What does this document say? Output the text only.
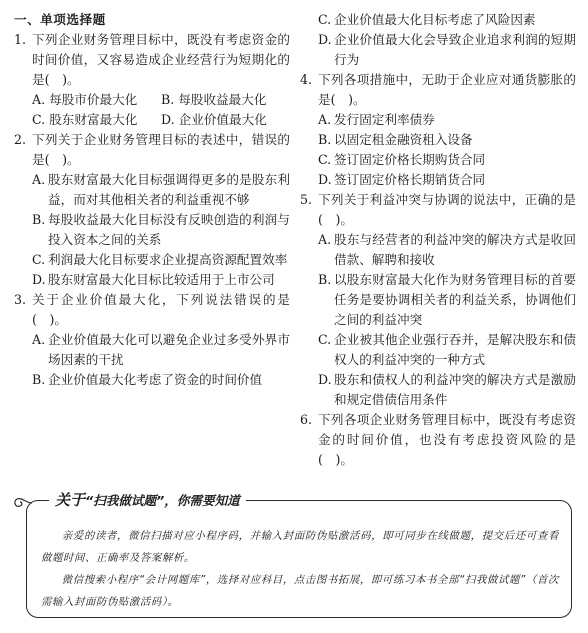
一、单项选择题
1. 下列企业财务管理目标中，既没有考虑资金的时间价值，又容易造成企业经营行为短期化的是(　)。
A. 每股市价最大化	B. 每股收益最大化
C. 股东财富最大化	D. 企业价值最大化
2. 下列关于企业财务管理目标的表述中，错误的是(　)。
A. 股东财富最大化目标强调得更多的是股东利益，而对其他相关者的利益重视不够
B. 每股收益最大化目标没有反映创造的利润与投入资本之间的关系
C. 利润最大化目标要求企业提高资源配置效率
D. 股东财富最大化目标比较适用于上市公司
3. 关于企业价值最大化，下列说法错误的是(　)。
A. 企业价值最大化可以避免企业过多受外界市场因素的干扰
B. 企业价值最大化考虑了资金的时间价值
C. 企业价值最大化目标考虑了风险因素
D. 企业价值最大化会导致企业追求利润的短期行为
4. 下列各项措施中，无助于企业应对通货膨胀的是(　)。
A. 发行固定利率债券
B. 以固定租金融资租入设备
C. 签订固定价格长期购货合同
D. 签订固定价格长期销货合同
5. 下列关于利益冲突与协调的说法中，正确的是(　)。
A. 股东与经营者的利益冲突的解决方式是收回借款、解聘和接收
B. 以股东财富最大化作为财务管理目标的首要任务是要协调相关者的利益关系，协调他们之间的利益冲突
C. 企业被其他企业强行吞并，是解决股东和债权人的利益冲突的一种方式
D. 股东和债权人的利益冲突的解决方式是激励和规定借债信用条件
6. 下列各项企业财务管理目标中，既没有考虑资金的时间价值，也没有考虑投资风险的是(　)。
关于“扫我做试题”，你需要知道

亲爱的读者，微信扫描对应小程序码，并输入封面防伪贴激活码，即可同步在线做题，提交后还可查看做题时间、正确率及答案解析。

微信搜索小程序“会计网题库”，选择对应科目，点击图书拓展，即可练习本书全部“扫我做试题”（首次需输入封面防伪贴激活码）。
